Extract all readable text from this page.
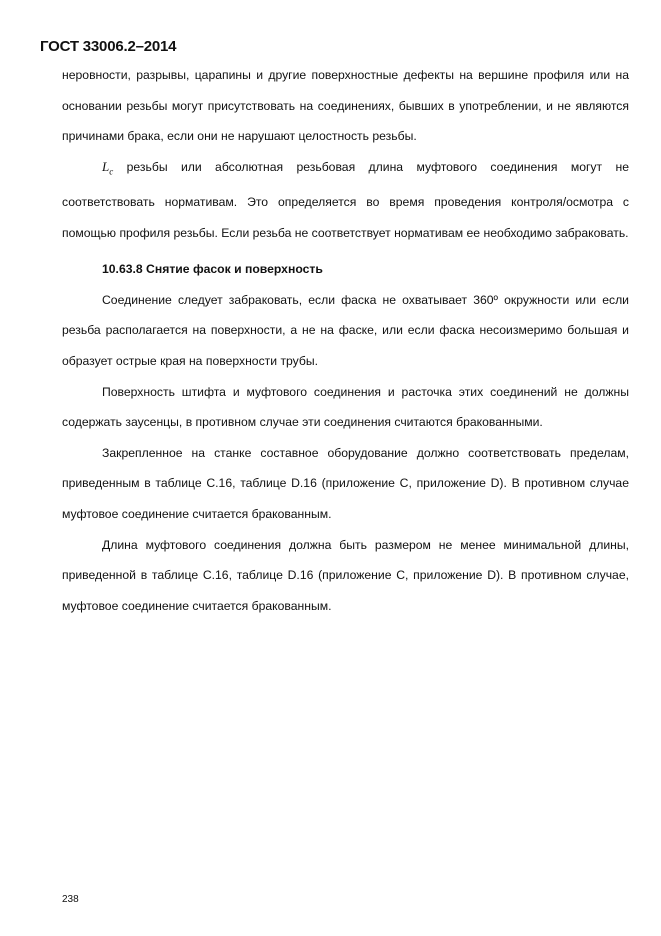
ГОСТ 33006.2–2014

неровности, разрывы, царапины и другие поверхностные дефекты на вершине профиля или на основании резьбы могут присутствовать на соединениях, бывших в употреблении, и не являются причинами брака, если они не нарушают целостность резьбы.

$L_c$ резьбы или абсолютная резьбовая длина муфтового соединения могут не соответствовать нормативам. Это определяется во время проведения контроля/осмотра с помощью профиля резьбы. Если резьба не соответствует нормативам ее необходимо забраковать.

10.63.8 Снятие фасок и поверхность

Соединение следует забраковать, если фаска не охватывает 360º окружности или если резьба располагается на поверхности, а не на фаске, или если фаска несоизмеримо большая и образует острые края на поверхности трубы.

Поверхность штифта и муфтового соединения и расточка этих соединений не должны содержать заусенцы, в противном случае эти соединения считаются бракованными.

Закрепленное на станке составное оборудование должно соответствовать пределам, приведенным в таблице С.16, таблице D.16 (приложение С, приложение D). В противном случае муфтовое соединение считается бракованным.

Длина муфтового соединения должна быть размером не менее минимальной длины, приведенной в таблице С.16, таблице D.16 (приложение С, приложение D). В противном случае, муфтовое соединение считается бракованным.

238
